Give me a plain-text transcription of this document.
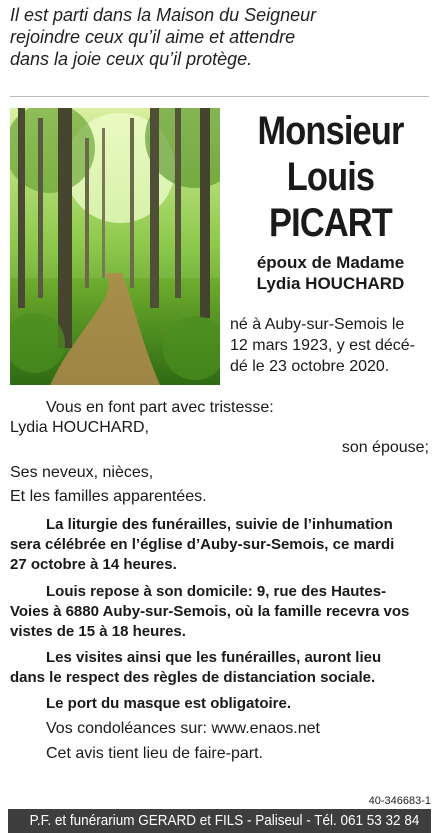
Il est parti dans la Maison du Seigneur
rejoindre ceux qu’il aime et attendre
dans la joie ceux qu’il protège.
Monsieur
Louis
PICART
époux de Madame
Lydia HOUCHARD
né à Auby-sur-Semois le
12 mars 1923, y est décé-
dé le 23 octobre 2020.
Vous en font part avec tristesse:
Lydia HOUCHARD,
son épouse;
Ses neveux, nièces,
Et les familles apparentées.
La liturgie des funérailles, suivie de l’inhumation
sera célébrée en l’église d’Auby-sur-Semois, ce mardi
27 octobre à 14 heures.
Louis repose à son domicile: 9, rue des Hautes-
Voies à 6880 Auby-sur-Semois, où la famille recevra vos
vistes de 15 à 18 heures.
Les visites ainsi que les funérailles, auront lieu
dans le respect des règles de distanciation sociale.
Le port du masque est obligatoire.
Vos condoléances sur: www.enaos.net
Cet avis tient lieu de faire-part.
40-346683-1
P.F. et funérarium GERARD et FILS - Paliseul - Tél. 061 53 32 84
